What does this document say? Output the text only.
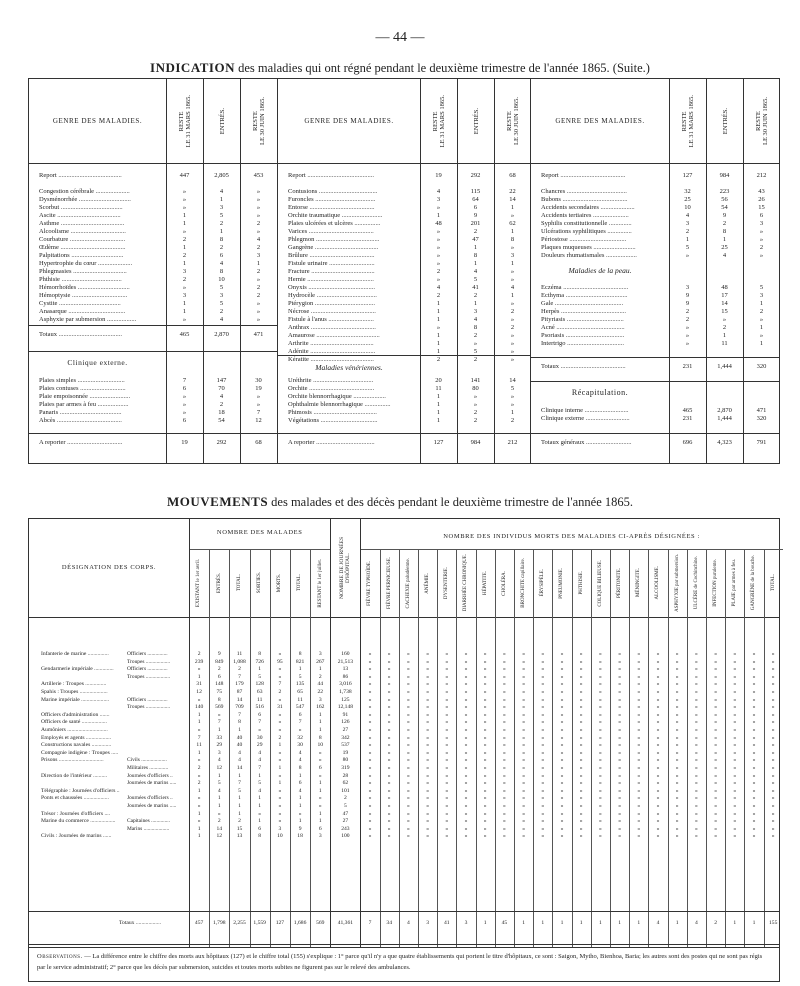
— 44 —
INDICATION des maladies qui ont régné pendant le deuxième trimestre de l'année 1865. (Suite.)
GENRE DES MALADIES.	RESTE
LE 31 MARS 1865.
ENTRÉS.	RESTE
LE 30 JUIN 1865.
Report .......................................	447	2,805	453
Congestion cérébrale .....................	»	4	»
Dysménorrhée ................................	»	1	»
Scorbut ......................................	»	3	»
Ascite .......................................	1	5	»
Asthme .......................................	1	2	2
Alcoolisme ..................................	»	1	»
Courbature ..................................	2	8	4
Œdème ........................................	1	2	2
Palpitations ................................	2	6	3
Hypertrophie du cœur .....................	1	4	1
Phlegmasies .................................	3	8	2
Phthisie .....................................	2	10	»
Hémorrhoïdes ................................	»	5	2
Hémoptysie ..................................	3	3	2
Cystite ......................................	1	5	»
Anasarque ...................................	1	2	»
Asphyxie par submersion ..................	»	4	»
Totaux .......................................	465	2,870	471
Clinique externe.
Plaies simples .............................	7	147	30
Plaies contuses ............................	6	70	19
Plaie empoisonnée .........................	»	4	»
Plaies par armes à feu ...................	»	2	»
Panaris ......................................	»	18	7
Abcès ........................................	6	54	12
A reporter ..................................	19	292	68
GENRE DES MALADIES.	RESTE
LE 31 MARS 1865.
ENTRÉS.	RESTE
LE 30 JUIN 1865.
Report .........................................	19	292	68
Contusions ....................................	4	115	22
Furoncles .....................................	3	64	14
Entorse ........................................	»	6	1
Orchite traumatique .........................	1	9	»
Plaies ulcérées et ulcères ................	48	201	62
Varices ........................................	»	2	1
Phlegmon .......................................	»	47	8
Gangrène .......................................	»	1	»
Brûlure ........................................	»	8	3
Fistule urinaire ............................	»	1	1
Fracture .......................................	2	4	»
Hernie .........................................	»	5	»
Onyxis .........................................	4	41	4
Hydrocèle .....................................	2	2	1
Ptérygion .....................................	1	1	»
Nécrose ........................................	1	3	2
Fistule à l'anus ............................	1	4	»
Anthrax ........................................	»	8	2
Amaurose .......................................	1	2	»
Arthrite .......................................	1	»	»
Adénite ........................................	1	5	»
Kératite .......................................	2	2	»
Maladies vénériennes.
Uréthrite .....................................	20	141	14
Orchite ........................................	11	80	5
Orchite blennorrhagique ....................	1	»	»
Ophthalmie blennorrhagique ................	1	»	»
Phimosis .......................................	1	2	1
Végétations ...................................	1	2	2
A reporter ....................................	127	984	212
GENRE DES MALADIES.	RESTE
LE 31 MARS 1865.
ENTRÉS.	RESTE
LE 30 JUIN 1865.
Report ........................................	127	984	212
Chancres .....................................	32	223	43
Bubons ........................................	25	56	26
Accidents secondaires .....................	10	54	15
Accidents tertiaires ......................	4	9	6
Syphilis constitutionnelle ..............	3	2	3
Ulcérations syphilitiques ...............	2	8	»
Périostose ...................................	1	1	»
Plaques muqueuses ..........................	5	25	2
Douleurs rhumatismales ...................	»	4	»
Maladies de la peau.
Eczéma ........................................	3	48	5
Ecthyma ......................................	9	17	3
Gale ..........................................	9	14	1
Herpès ........................................	2	15	2
Pityriasis ...................................	2	»	»
Acné ..........................................	»	2	1
Psoriasis ....................................	»	1	»
Intertrigo ...................................	»	11	1
Totaux ........................................	231	1,444	320
Récapitulation.
Clinique interne ...........................	465	2,870	471
Clinique externe ...........................	231	1,444	320
Totaux généraux ............................	696	4,323	791
MOUVEMENTS des malades et des décès pendant le deuxième trimestre de l'année 1865.
DÉSIGNATION DES CORPS.
NOMBRE DES MALADES
NOMBRE DES INDIVIDUS MORTS DES MALADIES CI-APRÈS DÉSIGNÉES :
EXISTANT le 1er avril.	ENTRÉS.	TOTAL.	SORTIES.	MORTS.	TOTAL.	RESTANT le 1er juillet.	NOMBRE DE JOURNÉES D'HÔPITAL.	FIÈVRE TYPHOÏDE.	FIÈVRE PERNICIEUSE.	CACHEXIE paludéenne.	ANÉMIE.	DYSENTERIE.	DIARRHÉE CHRONIQUE.	HÉPATITE.	CHOLÉRA.	BRONCHITE capillaire.	ÉRYSIPÈLE.	PNEUMONIE.	PHTHISIE.	COLIQUE BILIEUSE.	PÉRITONITE.	MÉNINGITE.	ALCOOLISME.	ASPHYXIE par submersion.	ULCÈRE de Cochinchine.	INFECTION purulente.	PLAIE par armes à feu.	GANGRÈNE de la bouche.	TOTAL.
Infanterie de marine ...............	Officiers ...............	2	9	11	8	»	8	3	160	»	»	»	»	»	»	»	»	»	»	»	»	»	»	»	»	»	»	»	»	»	»
Troupes ..................	239	849	1,088	726	95	821	267	21,513	»	»	»	»	»	»	»	»	»	»	»	»	»	»	»	»	»	»	»	»	»	»
Gendarmerie impériale .............. Officiers ...............	»	2	2	1	»	1	1	13	»	»	»	»	»	»	»	»	»	»	»	»	»	»	»	»	»	»	»	»	»	»
Troupes ..................	1	6	7	5	»	5	2	86	»	»	»	»	»	»	»	»	»	»	»	»	»	»	»	»	»	»	»	»	»	»
Artillerie : Troupes ...............	31	148	179	128	7	135	44	3,016	»	»	»	»	»	»	»	»	»	»	»	»	»	»	»	»	»	»	»	»	»	»
Spahis : Troupes ....................	12	75	87	63	2	65	22	1,738	»	»	»	»	»	»	»	»	»	»	»	»	»	»	»	»	»	»	»	»	»	»
Marine impériale ....................	Officiers ...............	»	8	14	11	»	11	3	125	»	»	»	»	»	»	»	»	»	»	»	»	»	»	»	»	»	»	»	»	»	»
Troupes ..................	140	569	709	516	31	547	162	12,148	»	»	»	»	»	»	»	»	»	»	»	»	»	»	»	»	»	»	»	»	»	»
Officiers d'administration .......	1	»	7	6	»	6	1	91	»	»	»	»	»	»	»	»	»	»	»	»	»	»	»	»	»	»	»	»	»	»
Officiers de santé ..................	1	7	8	7	»	7	1	126	»	»	»	»	»	»	»	»	»	»	»	»	»	»	»	»	»	»	»	»	»	»
Aumôniers .............................	»	1	1	»	»	»	1	27	»	»	»	»	»	»	»	»	»	»	»	»	»	»	»	»	»	»	»	»	»	»
Employés et agents ..................	7	33	40	30	2	32	8	342	»	»	»	»	»	»	»	»	»	»	»	»	»	»	»	»	»	»	»	»	»	»
Constructions navales ..............	11	29	40	29	1	30	10	537	»	»	»	»	»	»	»	»	»	»	»	»	»	»	»	»	»	»	»	»	»	»
Compagnie indigène : Troupes .....	1	3	4	4	»	4	»	19	»	»	»	»	»	»	»	»	»	»	»	»	»	»	»	»	»	»	»	»	»	»
Prisons ................................	Civils ...................	»	4	4	4	»	4	»	80	»	»	»	»	»	»	»	»	»	»	»	»	»	»	»	»	»	»	»	»	»	»
Militaires ..............	2	12	14	7	1	8	6	319	»	»	»	»	»	»	»	»	»	»	»	»	»	»	»	»	»	»	»	»	»	»
Direction de l'intérieur ..........	Journées d'officiers ..	»	1	1	1	»	1	»	28	»	»	»	»	»	»	»	»	»	»	»	»	»	»	»	»	»	»	»	»	»	»
Journées de marins .....	2	5	7	5	1	6	1	62	»	»	»	»	»	»	»	»	»	»	»	»	»	»	»	»	»	»	»	»	»	»
Télégraphie : Journées d'officiers ..	1	4	5	4	»	4	1	101	»	»	»	»	»	»	»	»	»	»	»	»	»	»	»	»	»	»	»	»	»	»
Ponts et chaussées ..................	Journées d'officiers ..	»	1	1	1	»	1	»	2	»	»	»	»	»	»	»	»	»	»	»	»	»	»	»	»	»	»	»	»	»	»
Journées de marins .....	»	1	1	1	»	1	»	5	»	»	»	»	»	»	»	»	»	»	»	»	»	»	»	»	»	»	»	»	»	»
Trésor : Journées d'officiers ....	1	»	1	»	»	»	1	47	»	»	»	»	»	»	»	»	»	»	»	»	»	»	»	»	»	»	»	»	»	»
Marine du commerce .................. Capitaines ..............	»	2	2	1	»	1	1	27	»	»	»	»	»	»	»	»	»	»	»	»	»	»	»	»	»	»	»	»	»	»
Marins ...................	1	14	15	6	3	9	6	243	»	»	»	»	»	»	»	»	»	»	»	»	»	»	»	»	»	»	»	»	»	»
Civils : Journées de marins ......	1	12	13	8	10	18	3	100	»	»	»	»	»	»	»	»	»	»	»	»	»	»	»	»	»	»	»	»	»	»
Totaux ..................	457	1,798	2,255	1,559	127	1,686	569	41,361	7	34	4	3	41	3	1	45	1	1	1	1	1	1	1	4	1	4	2	1	1	155
Observations. — La différence entre le chiffre des morts aux hôpitaux (127) et le chiffre total (155) s'explique : 1° parce qu'il n'y a que quatre établissements qui portent le titre d'hôpitaux, ce sont : Saigon, Mytho, Bienhoa, Baria; les autres sont des postes qui ne sont pas régis par le service administratif; 2° parce que les décès par submersion, suicides et toutes morts subites ne figurent pas sur le relevé des ambulances.
